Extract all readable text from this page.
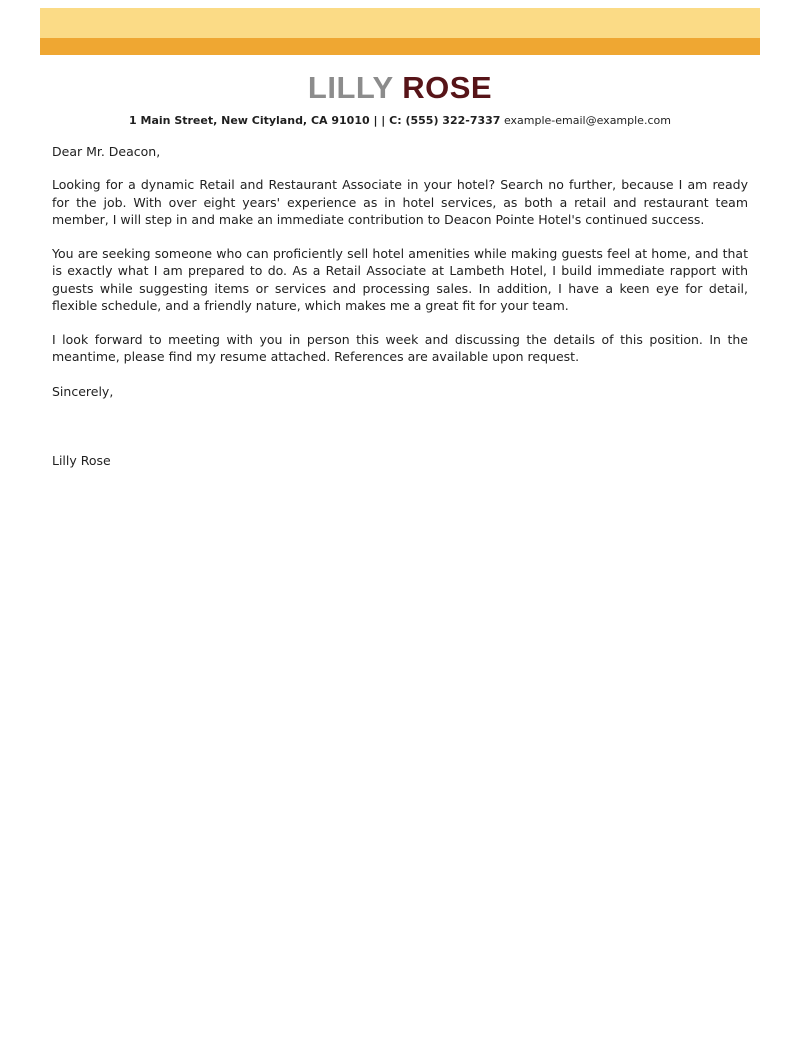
LILLY ROSE
1 Main Street, New Cityland, CA 91010 | | C: (555) 322-7337 example-email@example.com

Dear Mr. Deacon,

Looking for a dynamic Retail and Restaurant Associate in your hotel? Search no further, because I am ready for the job. With over eight years' experience as in hotel services, as both a retail and restaurant team member, I will step in and make an immediate contribution to Deacon Pointe Hotel's continued success.

You are seeking someone who can proficiently sell hotel amenities while making guests feel at home, and that is exactly what I am prepared to do. As a Retail Associate at Lambeth Hotel, I build immediate rapport with guests while suggesting items or services and processing sales. In addition, I have a keen eye for detail, flexible schedule, and a friendly nature, which makes me a great fit for your team.

I look forward to meeting with you in person this week and discussing the details of this position. In the meantime, please find my resume attached. References are available upon request.

Sincerely,

Lilly Rose
